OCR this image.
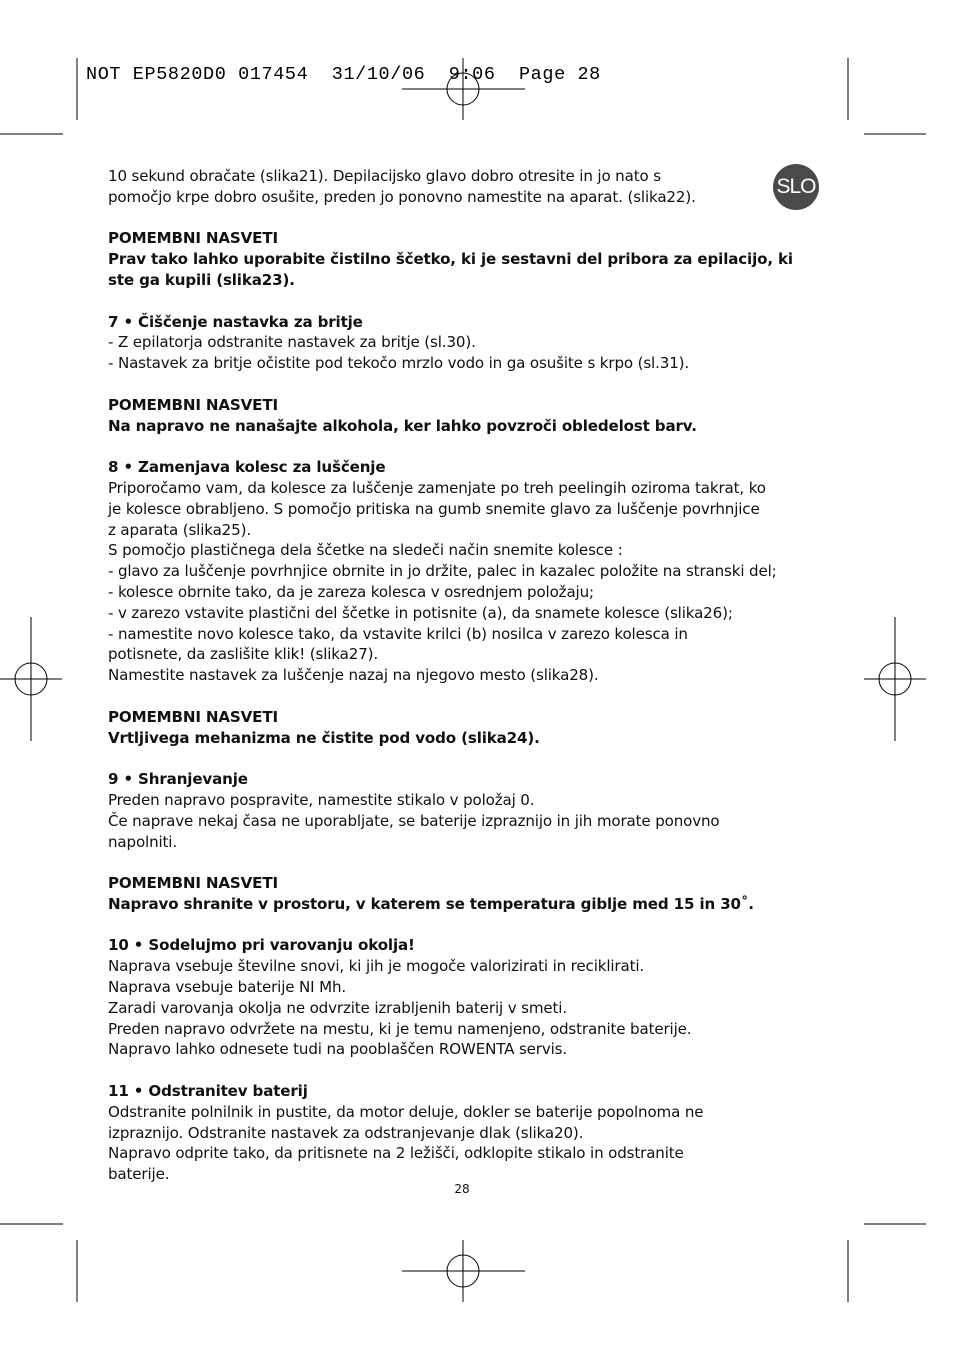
NOT EP5820D0 017454  31/10/06  9:06  Page 28
SLO

10 sekund obračate (slika21). Depilacijsko glavo dobro otresite in jo nato s

pomočjo krpe dobro osušite, preden jo ponovno namestite na aparat. (slika22).

POMEMBNI NASVETI

Prav tako lahko uporabite čistilno ščetko, ki je sestavni del pribora za epilacijo, ki

ste ga kupili (slika23).

7 • Čiščenje nastavka za britje

- Z epilatorja odstranite nastavek za britje (sl.30).

- Nastavek za britje očistite pod tekočo mrzlo vodo in ga osušite s krpo (sl.31).

POMEMBNI NASVETI

Na napravo ne nanašajte alkohola, ker lahko povzroči obledelost barv.

8 • Zamenjava kolesc za luščenje

Priporočamo vam, da kolesce za luščenje zamenjate po treh peelingih oziroma takrat, ko

je kolesce obrabljeno. S pomočjo pritiska na gumb snemite glavo za luščenje povrhnjice

z aparata (slika25).

S pomočjo plastičnega dela ščetke na sledeči način snemite kolesce :

- glavo za luščenje povrhnjice obrnite in jo držite, palec in kazalec položite na stranski del;

- kolesce obrnite tako, da je zareza kolesca v osrednjem položaju;

- v zarezo vstavite plastični del ščetke in potisnite (a), da snamete kolesce (slika26);

- namestite novo kolesce tako, da vstavite krilci (b) nosilca v zarezo kolesca in

potisnete, da zaslišite klik! (slika27).

Namestite nastavek za luščenje nazaj na njegovo mesto (slika28).

POMEMBNI NASVETI

Vrtljivega mehanizma ne čistite pod vodo (slika24).

9 • Shranjevanje

Preden napravo pospravite, namestite stikalo v položaj 0.

Če naprave nekaj časa ne uporabljate, se baterije izpraznijo in jih morate ponovno

napolniti.

POMEMBNI NASVETI

Napravo shranite v prostoru, v katerem se temperatura giblje med 15 in 30˚.

10 • Sodelujmo pri varovanju okolja!

Naprava vsebuje številne snovi, ki jih je mogoče valorizirati in reciklirati.

Naprava vsebuje baterije NI Mh.

Zaradi varovanja okolja ne odvrzite izrabljenih baterij v smeti.

Preden napravo odvržete na mestu, ki je temu namenjeno, odstranite baterije.

Napravo lahko odnesete tudi na pooblaščen ROWENTA servis.

11 • Odstranitev baterij

Odstranite polnilnik in pustite, da motor deluje, dokler se baterije popolnoma ne

izpraznijo. Odstranite nastavek za odstranjevanje dlak (slika20).

Napravo odprite tako, da pritisnete na 2 ležišči, odklopite stikalo in odstranite

baterije.

28
